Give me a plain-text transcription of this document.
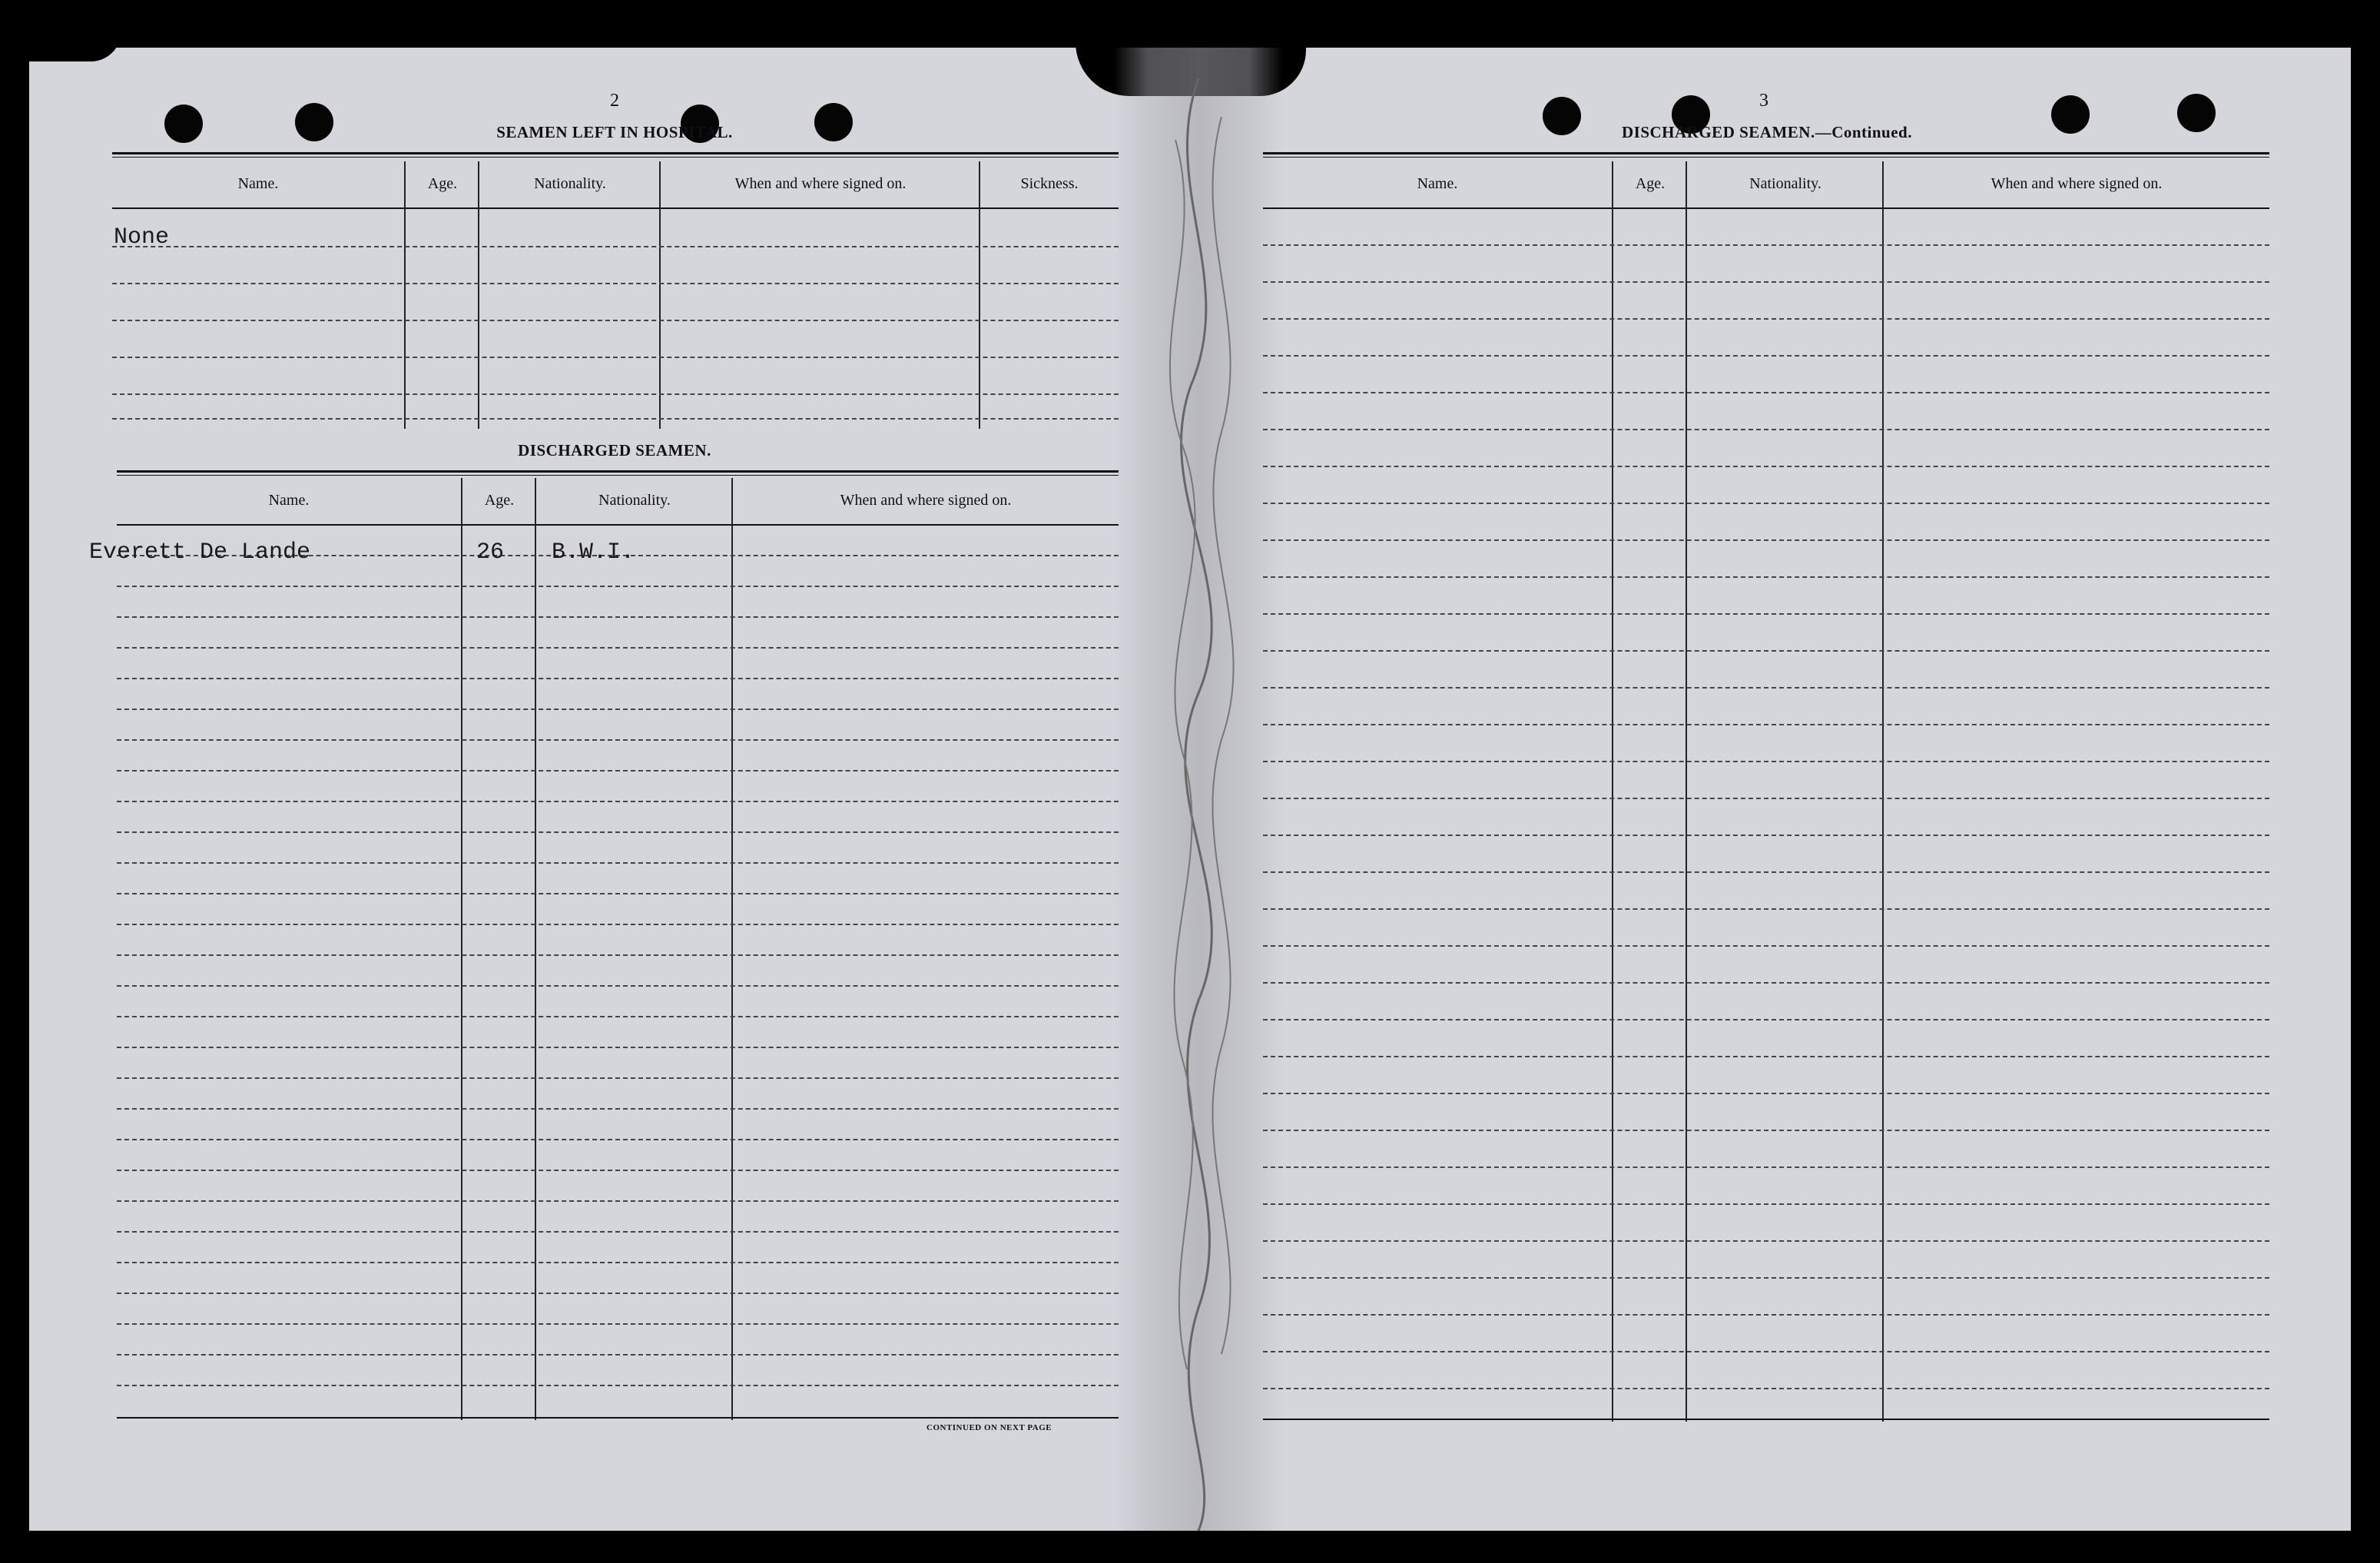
2
SEAMEN LEFT IN HOSPITAL.
Name.	Age.	Nationality.	When and where signed on.	Sickness.
None
DISCHARGED SEAMEN.
Name.	Age.	Nationality.	When and where signed on.
Everett De Lande	26 B.W.I.
CONTINUED ON NEXT PAGE
3
DISCHARGED SEAMEN.—Continued.
Name.	Age.	Nationality.	When and where signed on.
